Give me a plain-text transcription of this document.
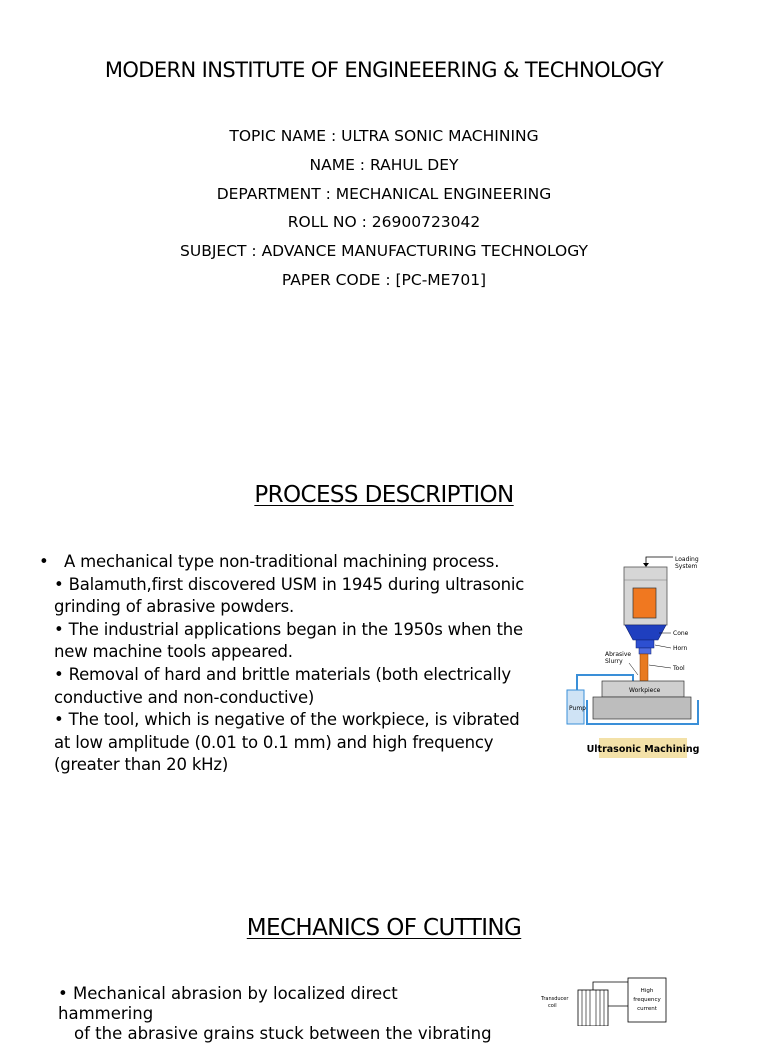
MODERN INSTITUTE OF ENGINEEERING & TECHNOLOGY
TOPIC NAME : ULTRA SONIC MACHINING
NAME : RAHUL DEY
DEPARTMENT : MECHANICAL ENGINEERING
ROLL NO : 26900723042
SUBJECT : ADVANCE MANUFACTURING TECHNOLOGY
PAPER CODE : [PC-ME701]
PROCESS DESCRIPTION
• A mechanical type non-traditional machining process.
• Balamuth,first discovered USM in 1945 during ultrasonic
grinding of abrasive powders.
• The industrial applications began in the 1950s when the
new machine tools appeared.
• Removal of hard and brittle materials (both electrically
conductive and non-conductive)
• The tool, which is negative of the workpiece, is vibrated
at low amplitude (0.01 to 0.1 mm) and high frequency
(greater than 20 kHz)
Loading System
Cone
Horn
Tool
Abrasive Slurry
Workpiece
Pump
Ultrasonic Machining
MECHANICS OF CUTTING
• Mechanical abrasion by localized direct hammering
of the abrasive grains stuck between the vibrating
Transducer coil
High frequency current
